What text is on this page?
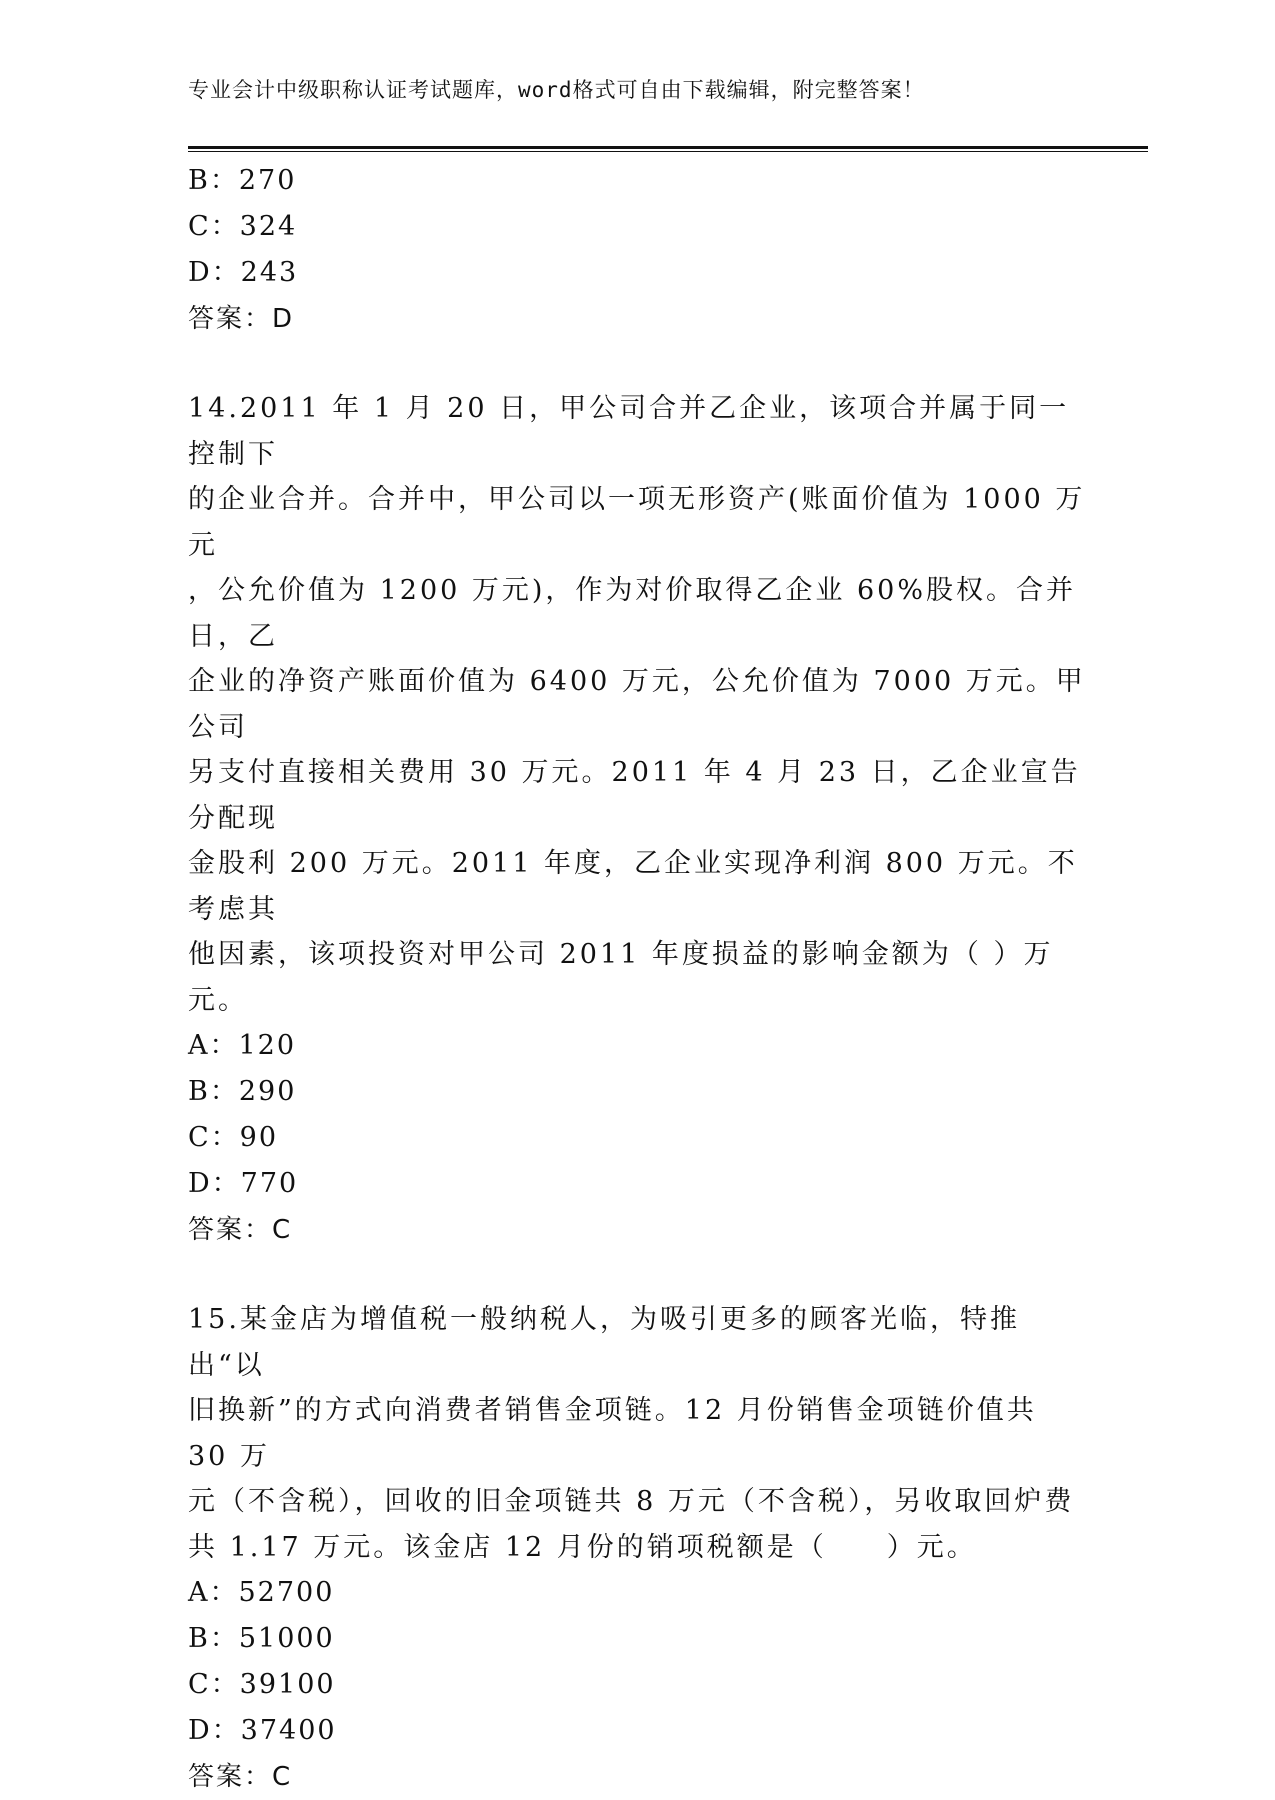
专业会计中级职称认证考试题库，word格式可自由下载编辑，附完整答案！
B：270
C：324
D：243
答案：D
14.2011 年 1 月 20 日，甲公司合并乙企业，该项合并属于同一控制下
的企业合并。合并中，甲公司以一项无形资产(账面价值为 1000 万元
，公允价值为 1200 万元)，作为对价取得乙企业 60%股权。合并日，乙
企业的净资产账面价值为 6400 万元，公允价值为 7000 万元。甲公司
另支付直接相关费用 30 万元。2011 年 4 月 23 日，乙企业宣告分配现
金股利 200 万元。2011 年度，乙企业实现净利润 800 万元。不考虑其
他因素，该项投资对甲公司 2011 年度损益的影响金额为（ ）万元。
A：120
B：290
C：90
D：770
答案：C
15.某金店为增值税一般纳税人，为吸引更多的顾客光临，特推出“以
旧换新”的方式向消费者销售金项链。12 月份销售金项链价值共 30 万
元（不含税），回收的旧金项链共 8 万元（不含税），另收取回炉费
共 1.17 万元。该金店 12 月份的销项税额是（　　）元。
A：52700
B：51000
C：39100
D：37400
答案：C
